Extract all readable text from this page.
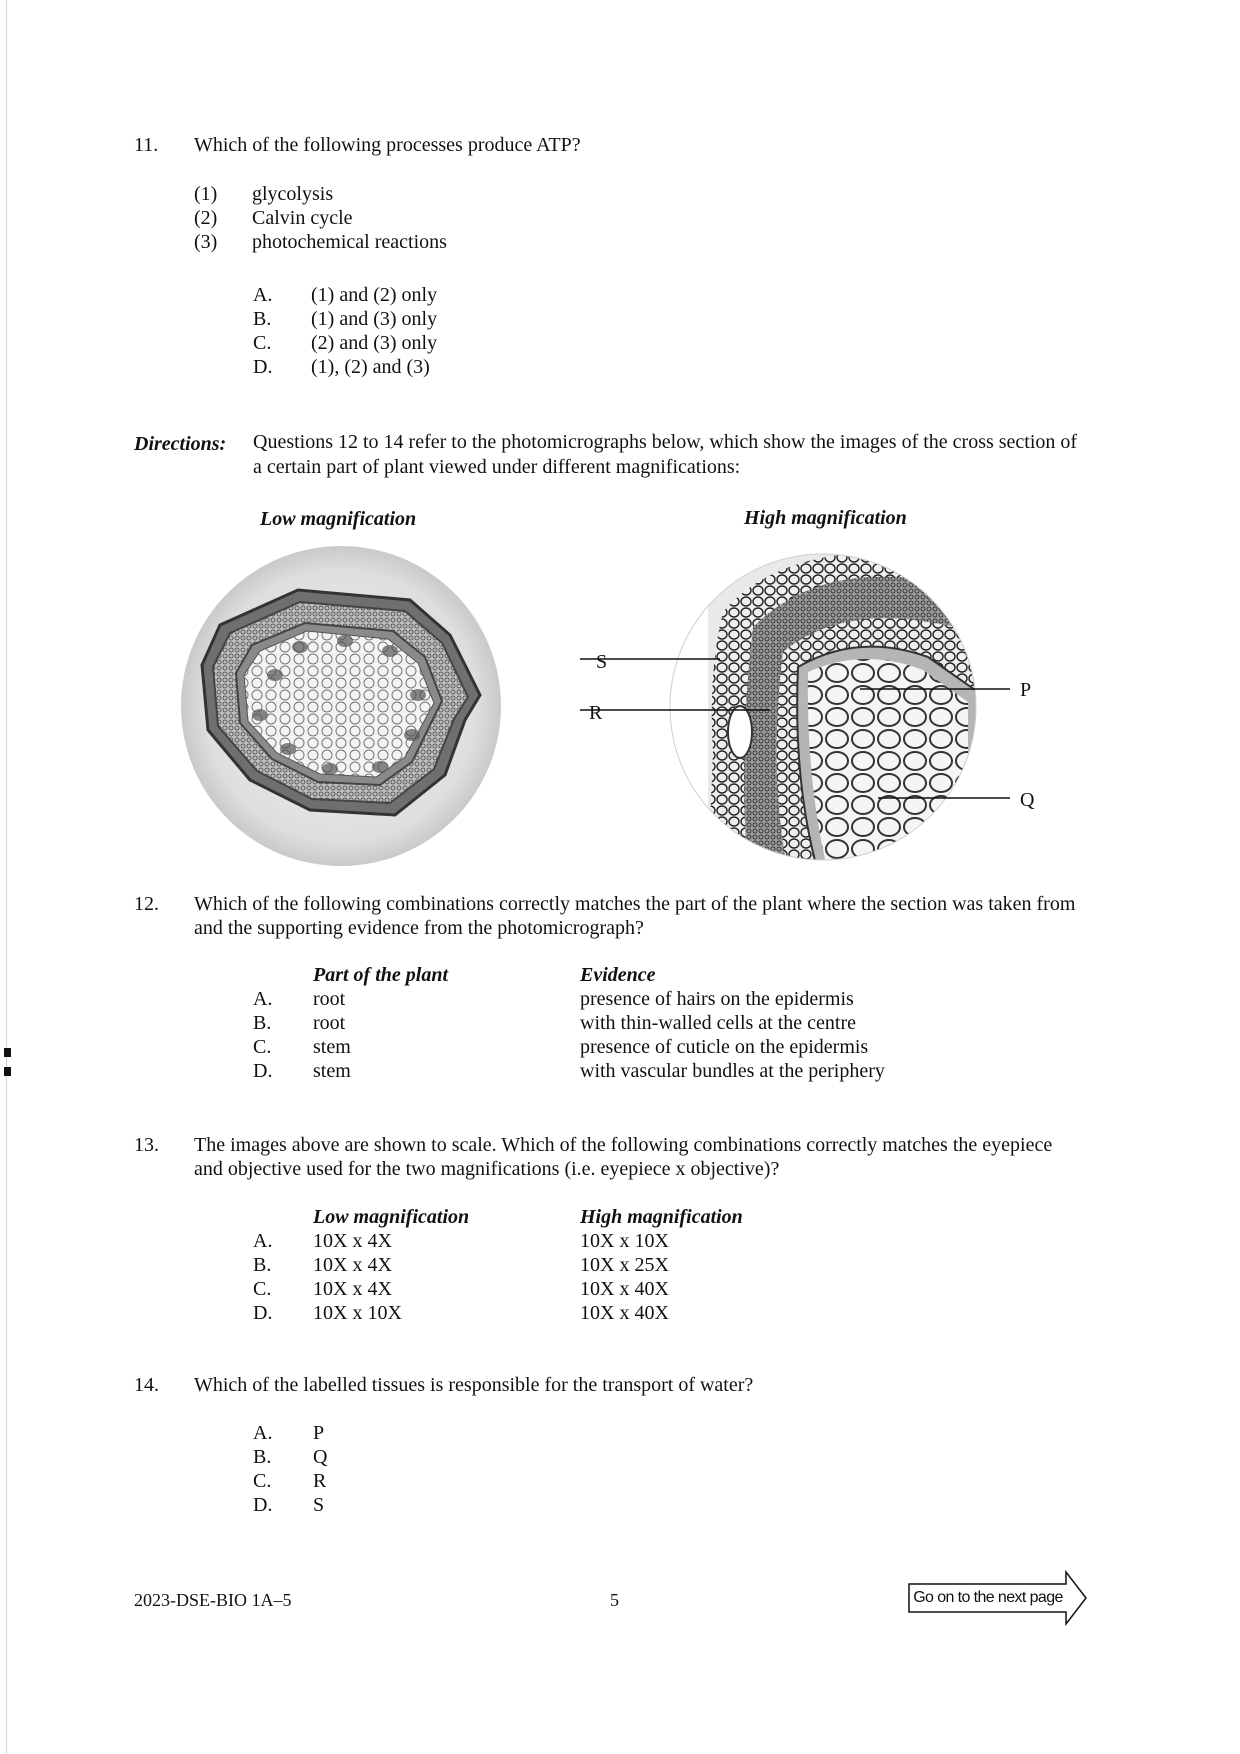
11. Which of the following processes produce ATP?
(1)	glycolysis
(2)	Calvin cycle
(3)	photochemical reactions
A.	(1) and (2) only
B.	(1) and (3) only
C.	(2) and (3) only
D.	(1), (2) and (3)
Directions: Questions 12 to 14 refer to the photomicrographs below, which show the images of the cross section of
a certain part of plant viewed under different magnifications:
Low magnification	High magnification
S
R
P
Q
12. Which of the following combinations correctly matches the part of the plant where the section was taken from
and the supporting evidence from the photomicrograph?
Part of the plant	Evidence
A.	root	presence of hairs on the epidermis
B.	root	with thin-walled cells at the centre
C.	stem	presence of cuticle on the epidermis
D.	stem	with vascular bundles at the periphery
13. The images above are shown to scale. Which of the following combinations correctly matches the eyepiece
and objective used for the two magnifications (i.e. eyepiece x objective)?
Low magnification	High magnification
A.	10X x 4X	10X x 10X
B.	10X x 4X	10X x 25X
C.	10X x 4X	10X x 40X
D.	10X x 10X	10X x 40X
14. Which of the labelled tissues is responsible for the transport of water?
A.	P
B.	Q
C.	R
D.	S
2023-DSE-BIO 1A–5	5	Go on to the next page
